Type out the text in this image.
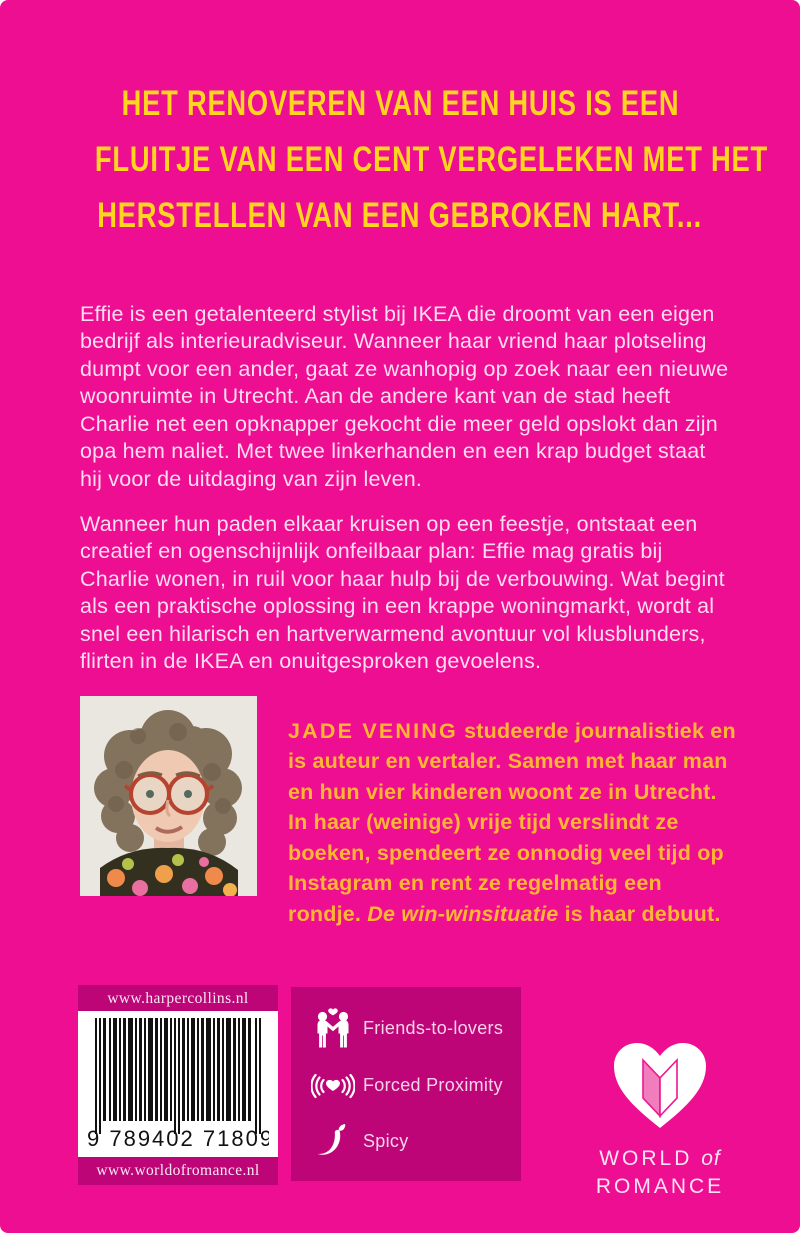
HET RENOVEREN VAN EEN HUIS IS EEN
FLUITJE VAN EEN CENT VERGELEKEN MET HET
HERSTELLEN VAN EEN GEBROKEN HART...

Effie is een getalenteerd stylist bij IKEA die droomt van een eigen bedrijf als interieuradviseur. Wanneer haar vriend haar plotseling dumpt voor een ander, gaat ze wanhopig op zoek naar een nieuwe woonruimte in Utrecht. Aan de andere kant van de stad heeft Charlie net een opknapper gekocht die meer geld opslokt dan zijn opa hem naliet. Met twee linkerhanden en een krap budget staat hij voor de uitdaging van zijn leven.

Wanneer hun paden elkaar kruisen op een feestje, ontstaat een creatief en ogenschijnlijk onfeilbaar plan: Effie mag gratis bij Charlie wonen, in ruil voor haar hulp bij de verbouwing. Wat begint als een praktische oplossing in een krappe woningmarkt, wordt al snel een hilarisch en hartverwarmend avontuur vol klusblunders, flirten in de IKEA en onuitgesproken gevoelens.

JADE VENING studeerde journalistiek en is auteur en vertaler. Samen met haar man en hun vier kinderen woont ze in Utrecht. In haar (weinige) vrije tijd verslindt ze boeken, spendeert ze onnodig veel tijd op Instagram en rent ze regelmatig een rondje. De win-winsituatie is haar debuut.

www.harpercollins.nl
9 789402 718096
www.worldofromance.nl
Friends-to-lovers
Forced Proximity
Spicy
WORLD of
ROMANCE
